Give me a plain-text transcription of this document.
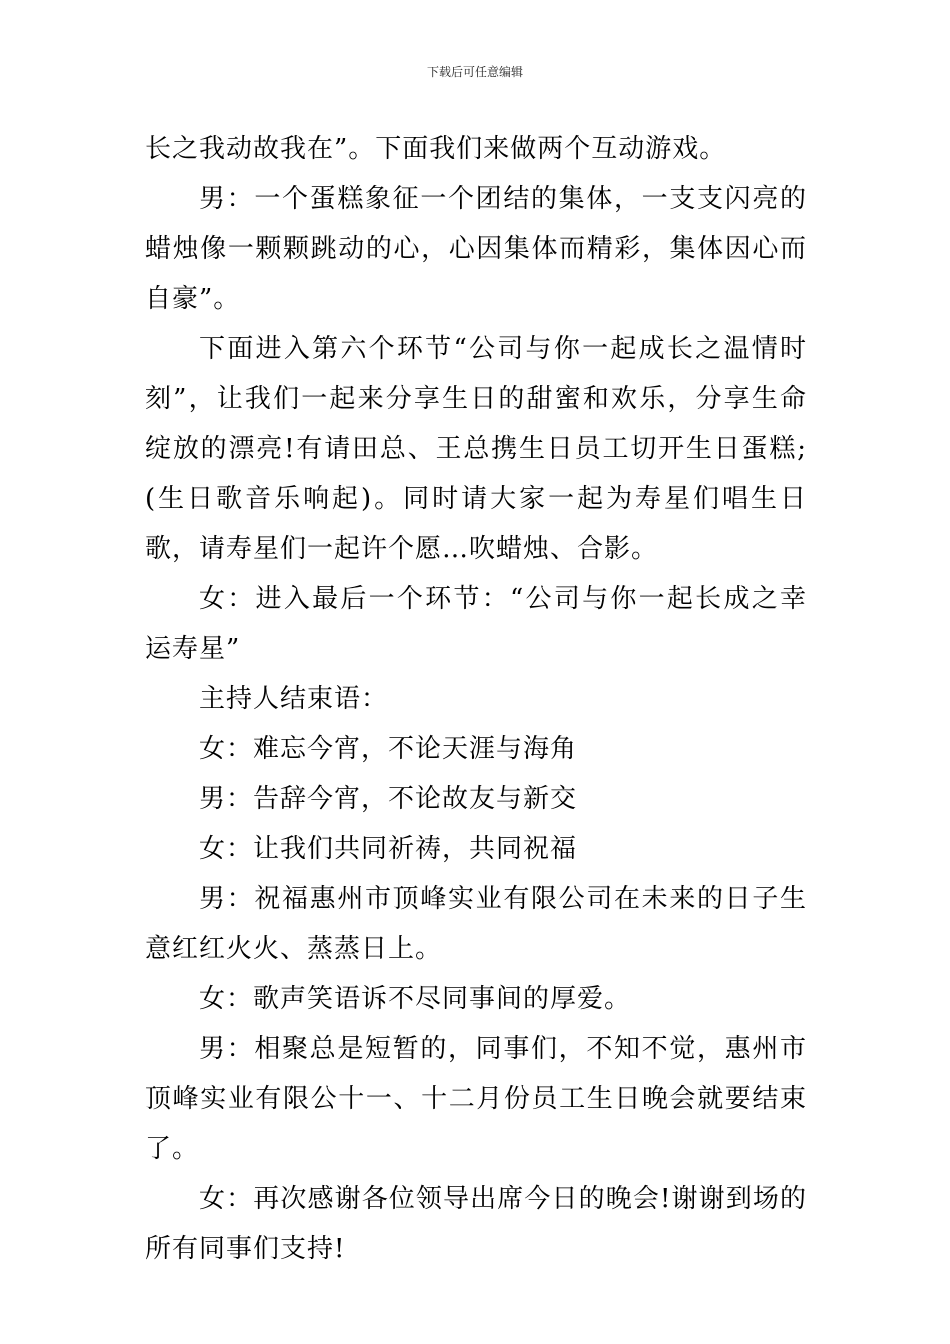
下载后可任意编辑

长之我动故我在”。下面我们来做两个互动游戏。

男：一个蛋糕象征一个团结的集体，一支支闪亮的蜡烛像一颗颗跳动的心，心因集体而精彩，集体因心而自豪”。

下面进入第六个环节“公司与你一起成长之温情时刻”，让我们一起来分享生日的甜蜜和欢乐，分享生命绽放的漂亮!有请田总、王总携生日员工切开生日蛋糕;(生日歌音乐响起)。同时请大家一起为寿星们唱生日歌，请寿星们一起许个愿…吹蜡烛、合影。

女：进入最后一个环节：“公司与你一起长成之幸运寿星”

主持人结束语：

女：难忘今宵，不论天涯与海角

男：告辞今宵，不论故友与新交

女：让我们共同祈祷，共同祝福

男：祝福惠州市顶峰实业有限公司在未来的日子生意红红火火、蒸蒸日上。

女：歌声笑语诉不尽同事间的厚爱。

男：相聚总是短暂的，同事们，不知不觉，惠州市顶峰实业有限公十一、十二月份员工生日晚会就要结束了。

女：再次感谢各位领导出席今日的晚会!谢谢到场的所有同事们支持!
